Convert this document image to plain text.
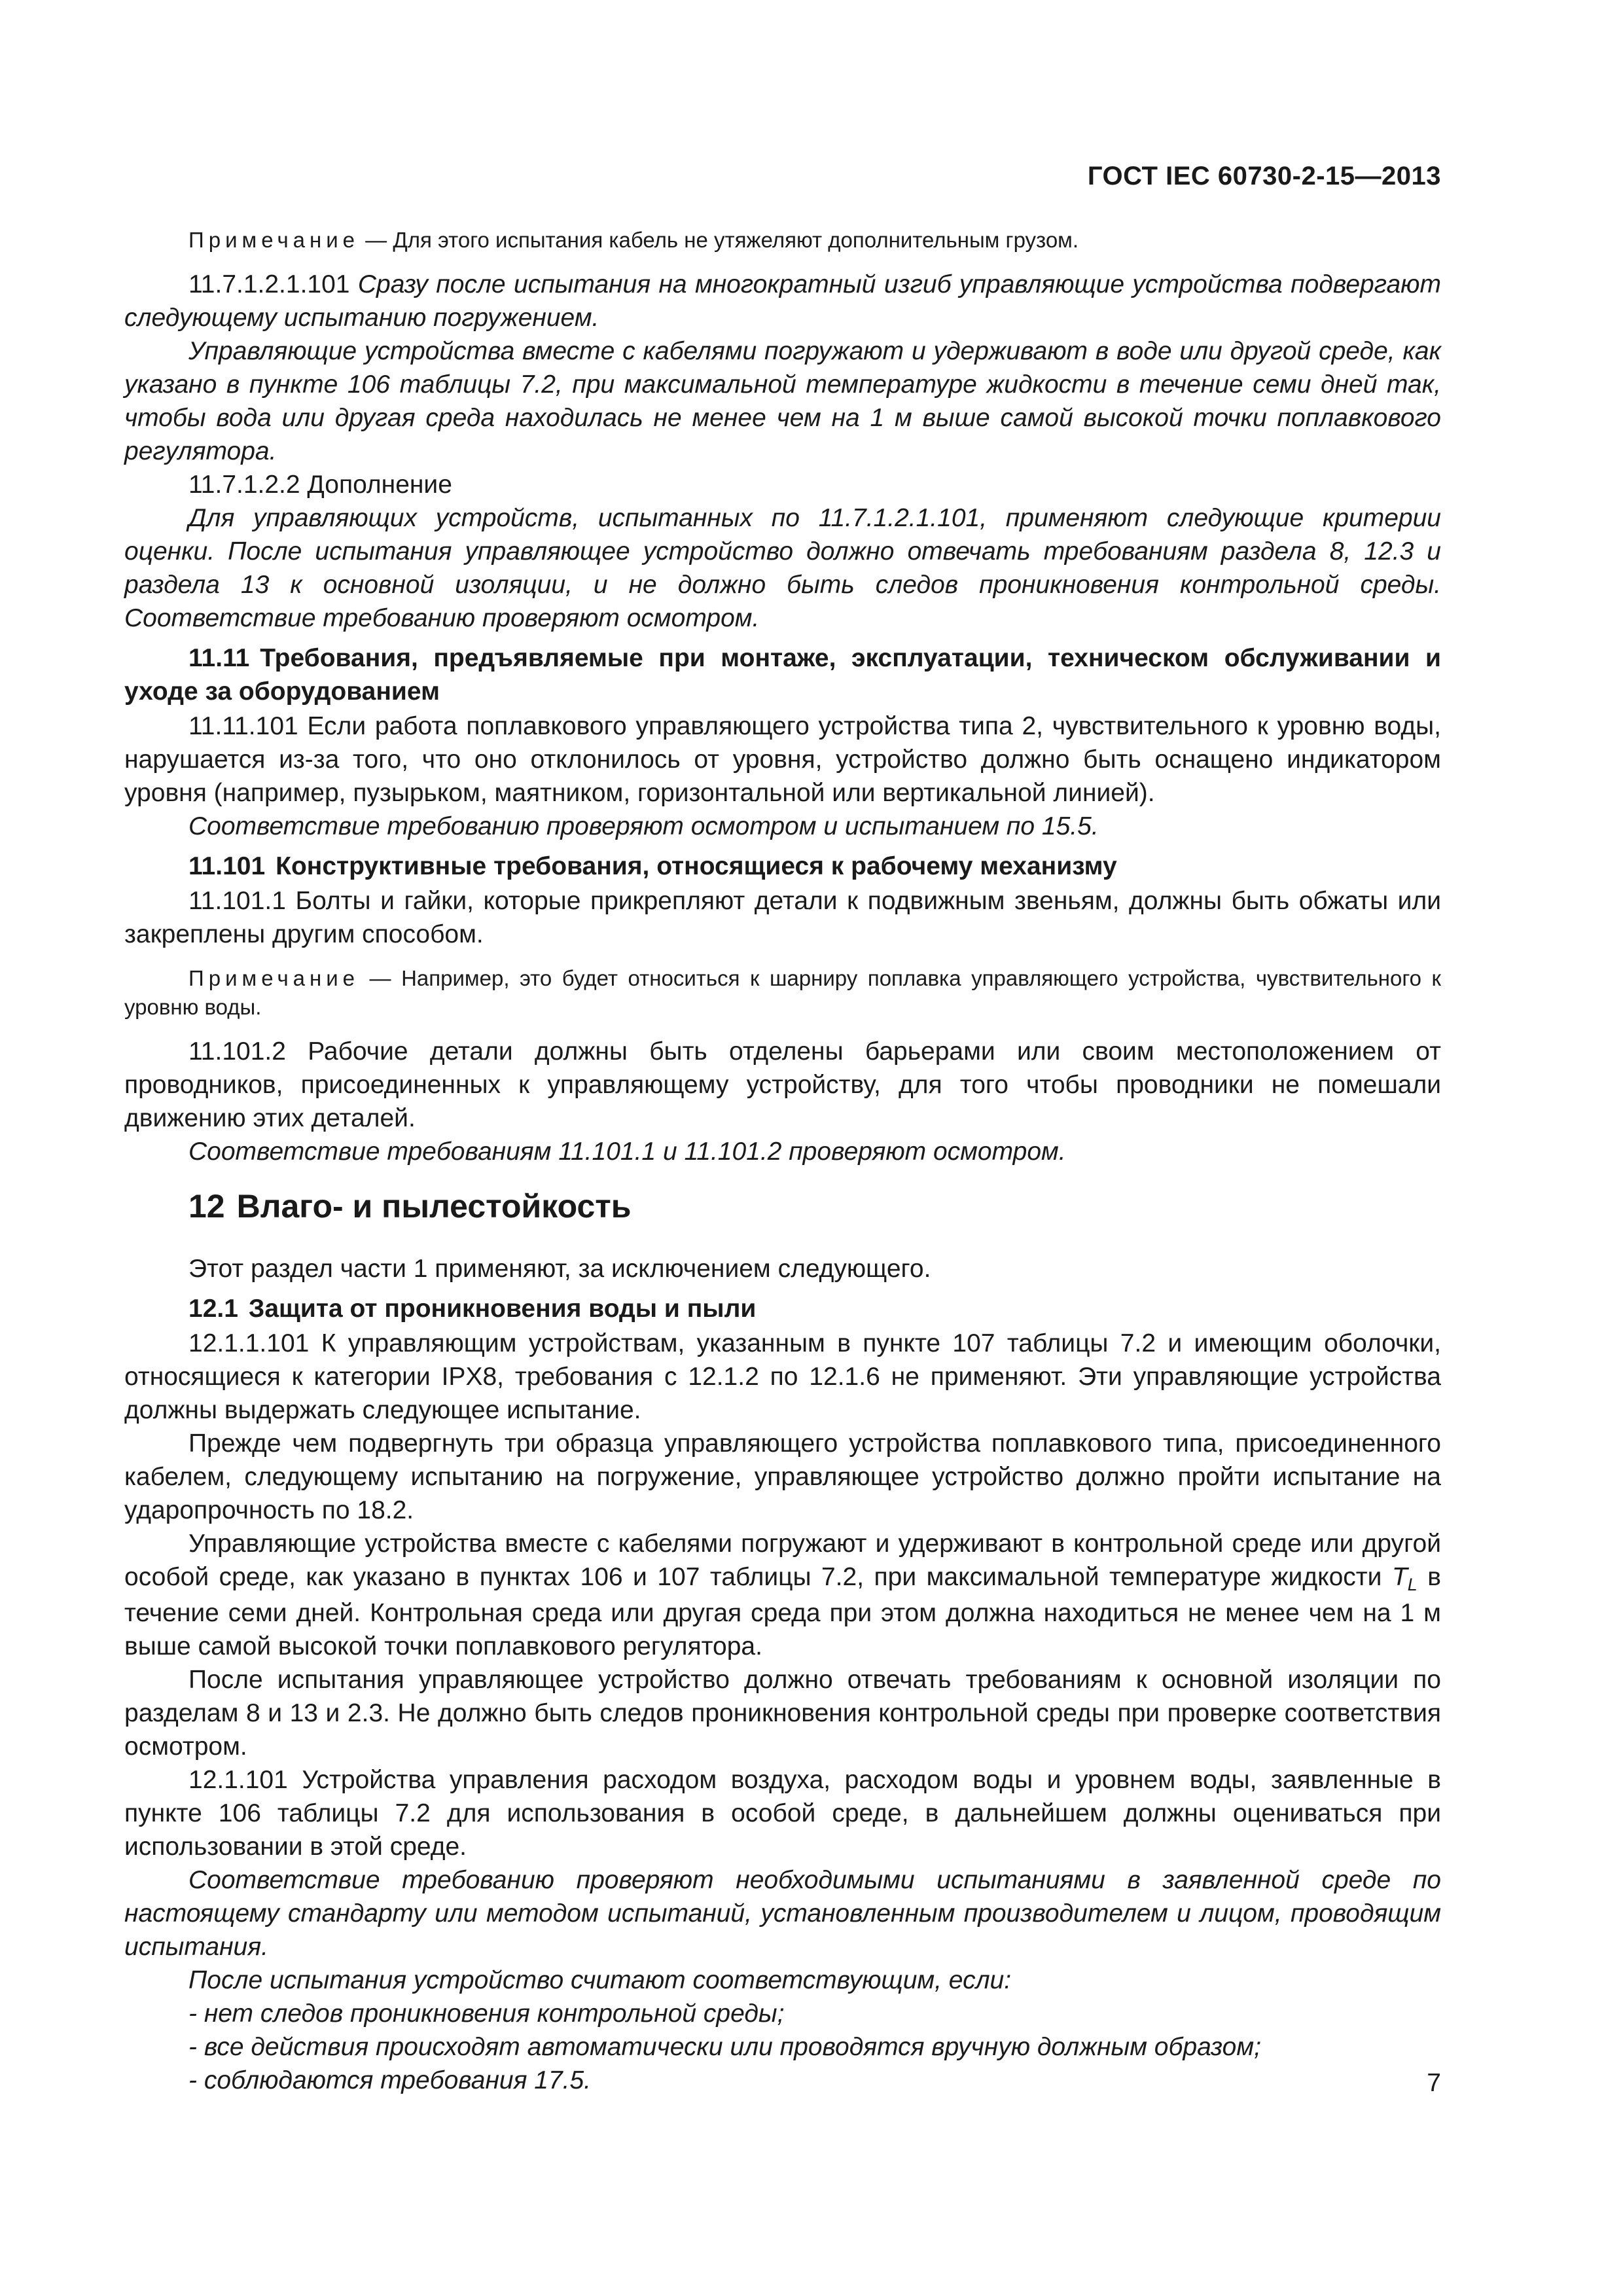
ГОСТ IEC 60730-2-15—2013

Примечание — Для этого испытания кабель не утяжеляют дополнительным грузом.

11.7.1.2.1.101 Сразу после испытания на многократный изгиб управляющие устройства подвергают следующему испытанию погружением.

Управляющие устройства вместе с кабелями погружают и удерживают в воде или другой среде, как указано в пункте 106 таблицы 7.2, при максимальной температуре жидкости в течение семи дней так, чтобы вода или другая среда находилась не менее чем на 1 м выше самой высокой точки поплавкового регулятора.

11.7.1.2.2 Дополнение

Для управляющих устройств, испытанных по 11.7.1.2.1.101, применяют следующие критерии оценки. После испытания управляющее устройство должно отвечать требованиям раздела 8, 12.3 и раздела 13 к основной изоляции, и не должно быть следов проникновения контрольной среды. Соответствие требованию проверяют осмотром.

11.11 Требования, предъявляемые при монтаже, эксплуатации, техническом обслуживании и уходе за оборудованием

11.11.101 Если работа поплавкового управляющего устройства типа 2, чувствительного к уровню воды, нарушается из-за того, что оно отклонилось от уровня, устройство должно быть оснащено индикатором уровня (например, пузырьком, маятником, горизонтальной или вертикальной линией).

Соответствие требованию проверяют осмотром и испытанием по 15.5.

11.101 Конструктивные требования, относящиеся к рабочему механизму

11.101.1 Болты и гайки, которые прикрепляют детали к подвижным звеньям, должны быть обжаты или закреплены другим способом.

Примечание — Например, это будет относиться к шарниру поплавка управляющего устройства, чувствительного к уровню воды.

11.101.2 Рабочие детали должны быть отделены барьерами или своим местоположением от проводников, присоединенных к управляющему устройству, для того чтобы проводники не помешали движению этих деталей.

Соответствие требованиям 11.101.1 и 11.101.2 проверяют осмотром.

12 Влаго- и пылестойкость

Этот раздел части 1 применяют, за исключением следующего.

12.1 Защита от проникновения воды и пыли

12.1.1.101 К управляющим устройствам, указанным в пункте 107 таблицы 7.2 и имеющим оболочки, относящиеся к категории IPX8, требования с 12.1.2 по 12.1.6 не применяют. Эти управляющие устройства должны выдержать следующее испытание.

Прежде чем подвергнуть три образца управляющего устройства поплавкового типа, присоединенного кабелем, следующему испытанию на погружение, управляющее устройство должно пройти испытание на ударопрочность по 18.2.

Управляющие устройства вместе с кабелями погружают и удерживают в контрольной среде или другой особой среде, как указано в пунктах 106 и 107 таблицы 7.2, при максимальной температуре жидкости $T_L$ в течение семи дней. Контрольная среда или другая среда при этом должна находиться не менее чем на 1 м выше самой высокой точки поплавкового регулятора.

После испытания управляющее устройство должно отвечать требованиям к основной изоляции по разделам 8 и 13 и 2.3. Не должно быть следов проникновения контрольной среды при проверке соответствия осмотром.

12.1.101 Устройства управления расходом воздуха, расходом воды и уровнем воды, заявленные в пункте 106 таблицы 7.2 для использования в особой среде, в дальнейшем должны оцениваться при использовании в этой среде.

Соответствие требованию проверяют необходимыми испытаниями в заявленной среде по настоящему стандарту или методом испытаний, установленным производителем и лицом, проводящим испытания.

После испытания устройство считают соответствующим, если:

- нет следов проникновения контрольной среды;

- все действия происходят автоматически или проводятся вручную должным образом;

- соблюдаются требования 17.5.	7
